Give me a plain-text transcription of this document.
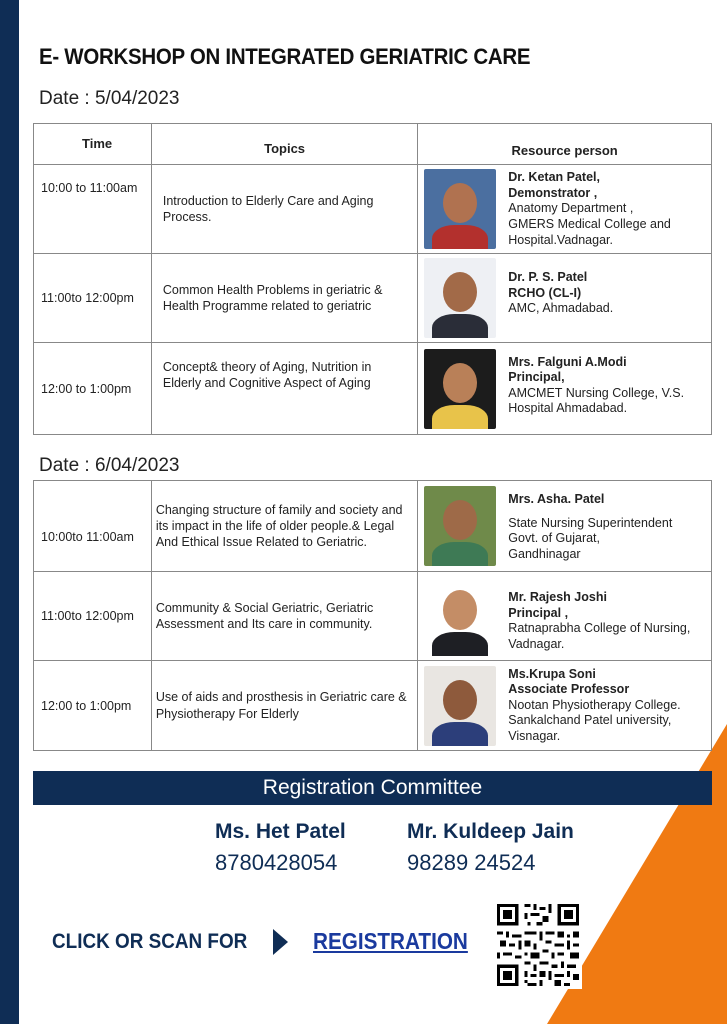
E- WORKSHOP ON INTEGRATED GERIATRIC CARE
Date : 5/04/2023
Time	Topics	Resource person
10:00 to 11:00am	Introduction to Elderly Care and Aging Process.	Dr. Ketan Patel,
Demonstrator ,
Anatomy Department ,
GMERS Medical College and
Hospital.Vadnagar.

11:00to 12:00pm	Common Health Problems in geriatric & Health Programme related to geriatric	Dr. P. S. Patel
RCHO (CL-I)
AMC, Ahmadabad.

12:00 to 1:00pm	Concept& theory of Aging, Nutrition in Elderly and Cognitive Aspect of Aging	Mrs. Falguni A.Modi
Principal,
AMCMET Nursing College, V.S.
Hospital Ahmadabad.
Date : 6/04/2023
10:00to 11:00am	Changing structure of family and society and its impact in the life of older people.& Legal And Ethical Issue Related to Geriatric.	Mrs. Asha. Patel
State Nursing Superintendent
Govt. of Gujarat,
Gandhinagar

11:00to 12:00pm	Community & Social Geriatric, Geriatric Assessment and Its care in community.	Mr. Rajesh Joshi
Principal ,
Ratnaprabha College of Nursing,
Vadnagar.

12:00 to 1:00pm	Use of aids and prosthesis in Geriatric care & Physiotherapy For Elderly	Ms.Krupa Soni
Associate Professor
Nootan Physiotherapy College.
Sankalchand Patel university,
Visnagar.
Registration Committee
Ms. Het Patel
8780428054
Mr. Kuldeep Jain
98289 24524
CLICK OR SCAN FOR	REGISTRATION
